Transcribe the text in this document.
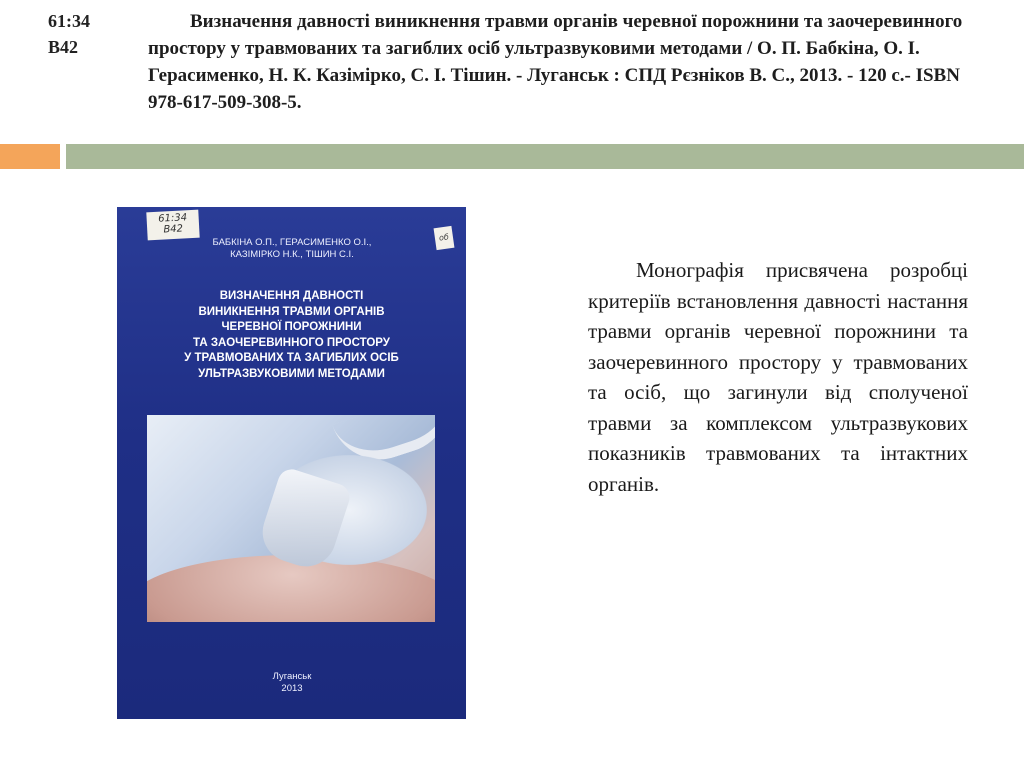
61:34
В42
Визначення давності виникнення травми органів черевної порожнини та заочеревинного простору у травмованих та загиблих осіб ультразвуковими методами / О. П. Бабкіна, О. І. Герасименко, Н. К. Казімірко, С. І. Тішин. - Луганськ : СПД Рєзніков В. С., 2013. - 120 с.- ISBN 978-617-509-308-5.
61:34
В42
об
БАБКІНА О.П., ГЕРАСИМЕНКО О.І.,
КАЗІМІРКО Н.К., ТІШИН С.І.
ВИЗНАЧЕННЯ ДАВНОСТІ
ВИНИКНЕННЯ ТРАВМИ ОРГАНІВ
ЧЕРЕВНОЇ ПОРОЖНИНИ
ТА ЗАОЧЕРЕВИННОГО ПРОСТОРУ
У ТРАВМОВАНИХ ТА ЗАГИБЛИХ ОСІБ
УЛЬТРАЗВУКОВИМИ МЕТОДАМИ
Луганськ
2013
Монографія присвячена розробці критеріїв встановлення давності настання травми органів черевної порожнини та заочеревинного простору у травмованих та осіб, що загинули від сполученої травми за комплексом ультразвукових показників травмованих та інтактних органів.
